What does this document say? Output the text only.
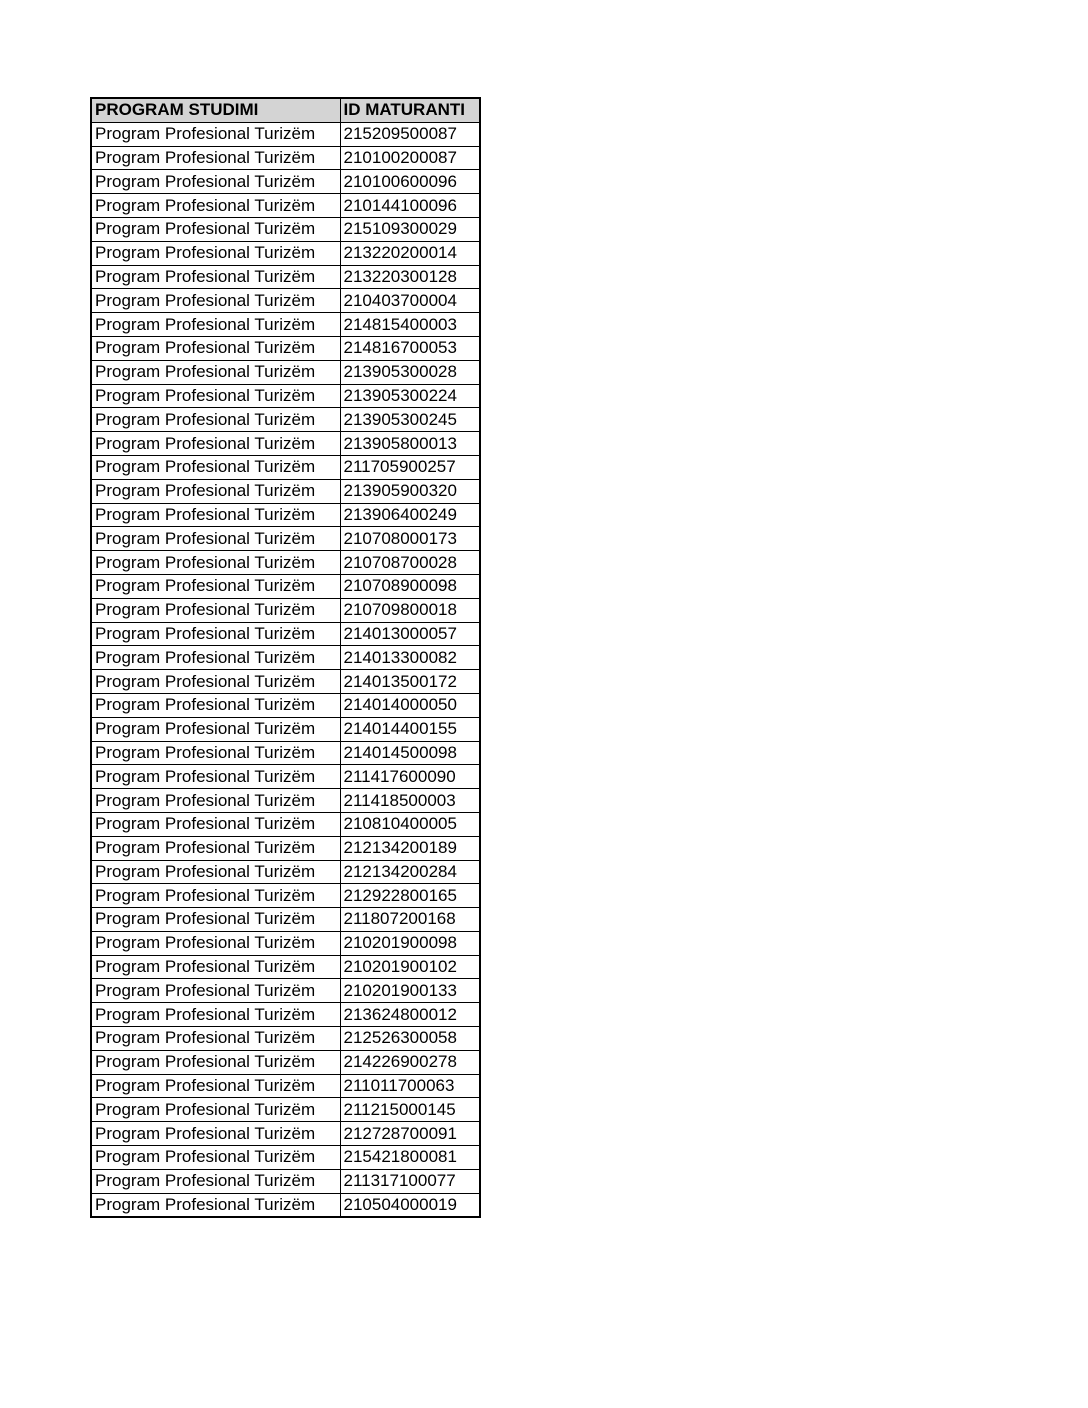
PROGRAM STUDIMI	ID MATURANTI
Program Profesional Turizëm	215209500087
Program Profesional Turizëm	210100200087
Program Profesional Turizëm	210100600096
Program Profesional Turizëm	210144100096
Program Profesional Turizëm	215109300029
Program Profesional Turizëm	213220200014
Program Profesional Turizëm	213220300128
Program Profesional Turizëm	210403700004
Program Profesional Turizëm	214815400003
Program Profesional Turizëm	214816700053
Program Profesional Turizëm	213905300028
Program Profesional Turizëm	213905300224
Program Profesional Turizëm	213905300245
Program Profesional Turizëm	213905800013
Program Profesional Turizëm	211705900257
Program Profesional Turizëm	213905900320
Program Profesional Turizëm	213906400249
Program Profesional Turizëm	210708000173
Program Profesional Turizëm	210708700028
Program Profesional Turizëm	210708900098
Program Profesional Turizëm	210709800018
Program Profesional Turizëm	214013000057
Program Profesional Turizëm	214013300082
Program Profesional Turizëm	214013500172
Program Profesional Turizëm	214014000050
Program Profesional Turizëm	214014400155
Program Profesional Turizëm	214014500098
Program Profesional Turizëm	211417600090
Program Profesional Turizëm	211418500003
Program Profesional Turizëm	210810400005
Program Profesional Turizëm	212134200189
Program Profesional Turizëm	212134200284
Program Profesional Turizëm	212922800165
Program Profesional Turizëm	211807200168
Program Profesional Turizëm	210201900098
Program Profesional Turizëm	210201900102
Program Profesional Turizëm	210201900133
Program Profesional Turizëm	213624800012
Program Profesional Turizëm	212526300058
Program Profesional Turizëm	214226900278
Program Profesional Turizëm	211011700063
Program Profesional Turizëm	211215000145
Program Profesional Turizëm	212728700091
Program Profesional Turizëm	215421800081
Program Profesional Turizëm	211317100077
Program Profesional Turizëm	210504000019
